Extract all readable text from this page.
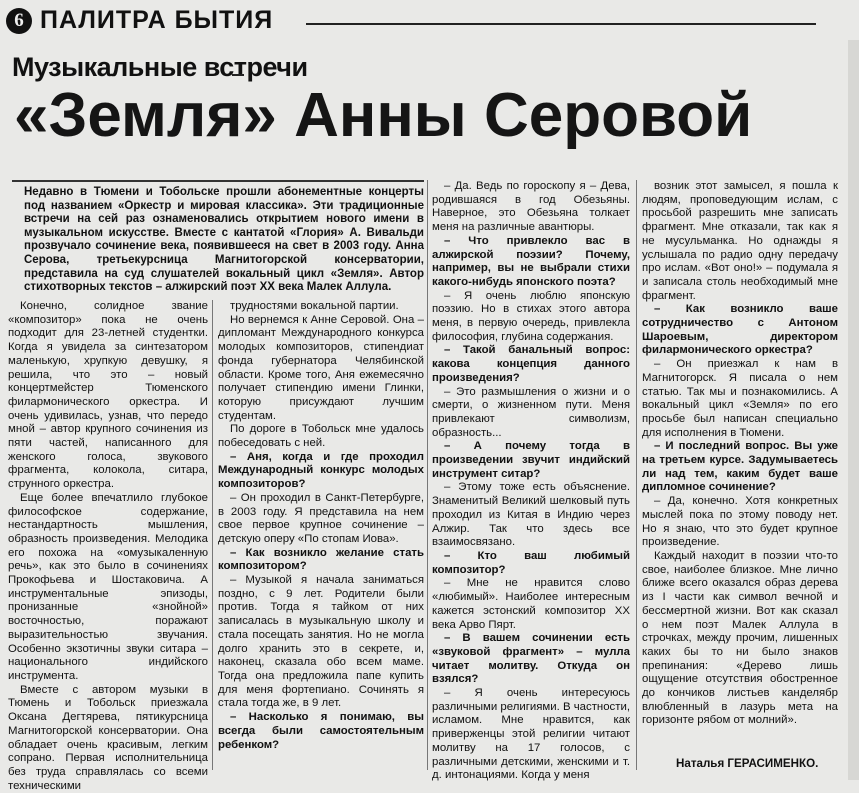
6 ПАЛИТРА БЫТИЯ
Музыкальные встречи
«Земля» Анны Серовой

Недавно в Тюмени и Тобольске прошли абонементные концерты под названием «Оркестр и мировая классика». Эти традиционные встречи на сей раз ознаменовались открытием нового имени в музыкальном искусстве. Вместе с кантатой «Глория» А. Вивальди прозвучало сочинение века, появившееся на свет в 2003 году. Анна Серова, третьекурсница Магнитогорской консерватории, представила на суд слушателей вокальный цикл «Земля». Автор стихотворных текстов – алжирский поэт XX века Малек Аллула.

Конечно, солидное звание «композитор» пока не очень подходит для 23-летней студентки. Когда я увидела за синтезатором маленькую, хрупкую девушку, я решила, что это – новый концертмейстер Тюменского филармонического оркестра. И очень удивилась, узнав, что передо мной – автор крупного сочинения из пяти частей, написанного для женского голоса, звукового фрагмента, колокола, ситара, струнного оркестра.

Еще более впечатлило глубокое философское содержание, нестандартность мышления, образность произведения. Мелодика его похожа на «омузыкаленную речь», как это было в сочинениях Прокофьева и Шостаковича. А инструментальные эпизоды, пронизанные «знойной» восточностью, поражают выразительностью звучания. Особенно экзотичны звуки ситара – национального индийского инструмента.

Вместе с автором музыки в Тюмень и Тобольск приезжала Оксана Дегтярева, пятикурсница Магнитогорской консерватории. Она обладает очень красивым, легким сопрано. Первая исполнительница без труда справлялась со всеми техническими

трудностями вокальной партии.

Но вернемся к Анне Серовой. Она – дипломант Международного конкурса молодых композиторов, стипендиат фонда губернатора Челябинской области. Кроме того, Аня ежемесячно получает стипендию имени Глинки, которую присуждают лучшим студентам.

По дороге в Тобольск мне удалось побеседовать с ней.

– Аня, когда и где проходил Международный конкурс молодых композиторов?

– Он проходил в Санкт-Петербурге, в 2003 году. Я представила на нем свое первое крупное сочинение – детскую оперу «По стопам Иова».

– Как возникло желание стать композитором?

– Музыкой я начала заниматься поздно, с 9 лет. Родители были против. Тогда я тайком от них записалась в музыкальную школу и стала посещать занятия. Но не могла долго хранить это в секрете, и, наконец, сказала обо всем маме. Тогда она предложила папе купить для меня фортепиано. Сочинять я стала тогда же, в 9 лет.

– Насколько я понимаю, вы всегда были самостоятельным ребенком?

– Да. Ведь по гороскопу я – Дева, родившаяся в год Обезьяны. Наверное, это Обезьяна толкает меня на различные авантюры.

– Что привлекло вас в алжирской поэзии? Почему, например, вы не выбрали стихи какого-нибудь японского поэта?

– Я очень люблю японскую поэзию. Но в стихах этого автора меня, в первую очередь, привлекла философия, глубина содержания.

– Такой банальный вопрос: какова концепция данного произведения?

– Это размышления о жизни и о смерти, о жизненном пути. Меня привлекают символизм, образность...

– А почему тогда в произведении звучит индийский инструмент ситар?

– Этому тоже есть объяснение. Знаменитый Великий шелковый путь проходил из Китая в Индию через Алжир. Так что здесь все взаимосвязано.

– Кто ваш любимый композитор?

– Мне не нравится слово «любимый». Наиболее интересным кажется эстонский композитор XX века Арво Пярт.

– В вашем сочинении есть «звуковой фрагмент» – мулла читает молитву. Откуда он взялся?

– Я очень интересуюсь различными религиями. В частности, исламом. Мне нравится, как приверженцы этой религии читают молитву на 17 голосов, с различными детскими, женскими и т. д. интонациями. Когда у меня

возник этот замысел, я пошла к людям, проповедующим ислам, с просьбой разрешить мне записать фрагмент. Мне отказали, так как я не мусульманка. Но однажды я услышала по радио одну передачу про ислам. «Вот оно!» – подумала я и записала столь необходимый мне фрагмент.

– Как возникло ваше сотрудничество с Антоном Шароевым, директором филармонического оркестра?

– Он приезжал к нам в Магнитогорск. Я писала о нем статью. Так мы и познакомились. А вокальный цикл «Земля» по его просьбе был написан специально для исполнения в Тюмени.

– И последний вопрос. Вы уже на третьем курсе. Задумываетесь ли над тем, каким будет ваше дипломное сочинение?

– Да, конечно. Хотя конкретных мыслей пока по этому поводу нет. Но я знаю, что это будет крупное произведение.

Каждый находит в поэзии что-то свое, наиболее близкое. Мне лично ближе всего оказался образ дерева из I части как символ вечной и бессмертной жизни. Вот как сказал о нем поэт Малек Аллула в строчках, между прочим, лишенных каких бы то ни было знаков препинания: «Дерево лишь ощущение отсутствия обостренное до кончиков листьев канделябр влюбленный в лазурь мета на горизонте рябом от молний».

Наталья ГЕРАСИМЕНКО.
